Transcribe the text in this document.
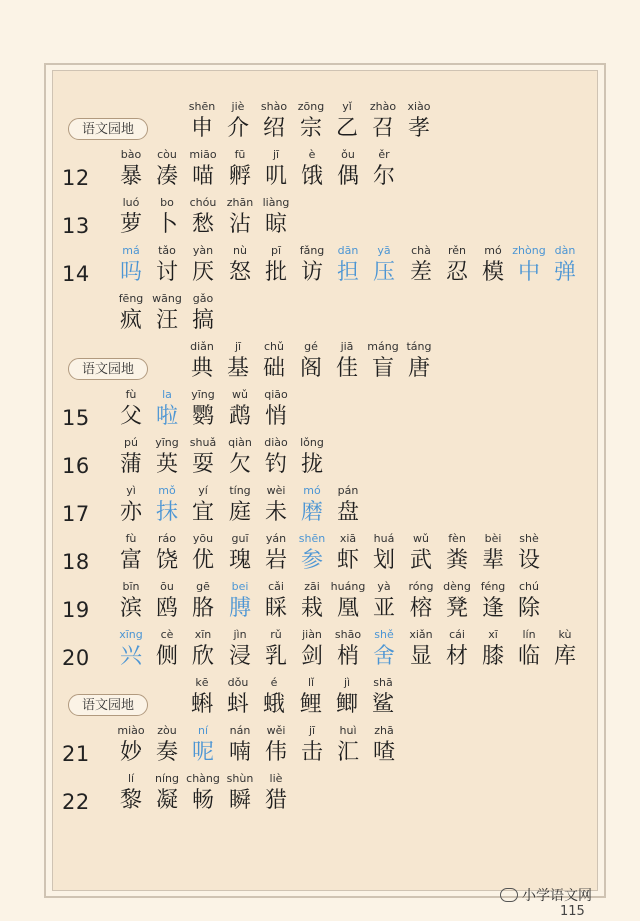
语文园地
shēn
申
jiè
介
shào
绍
zōng
宗
yǐ
乙
zhào
召
xiào
孝
12
bào
暴
còu
凑
miāo
喵
fū
孵
jī
叽
è
饿
ǒu
偶
ěr
尔
13
luó
萝
bo
卜
chóu
愁
zhān
沾
liàng
晾
14
má
吗
tǎo
讨
yàn
厌
nù
怒
pī
批
fǎng
访
dān
担
yā
压
chà
差
rěn
忍
mó
模
zhòng
中
dàn
弹
fēng
疯
wāng
汪
gǎo
搞
语文园地
diǎn
典
jī
基
chǔ
础
gé
阁
jiā
佳
máng
盲
táng
唐
15
fù
父
la
啦
yīng
鹦
wǔ
鹉
qiāo
悄
16
pú
蒲
yīng
英
shuǎ
耍
qiàn
欠
diào
钓
lǒng
拢
17
yì
亦
mǒ
抹
yí
宜
tíng
庭
wèi
未
mó
磨
pán
盘
18
fù
富
ráo
饶
yōu
优
guī
瑰
yán
岩
shēn
参
xiā
虾
huá
划
wǔ
武
fèn
粪
bèi
辈
shè
设
19
bīn
滨
ōu
鸥
gē
胳
bei
膊
cǎi
睬
zāi
栽
huáng
凰
yà
亚
róng
榕
dèng
凳
féng
逢
chú
除
20
xīng
兴
cè
侧
xīn
欣
jìn
浸
rǔ
乳
jiàn
剑
shāo
梢
shě
舍
xiǎn
显
cái
材
xī
膝
lín
临
kù
库
语文园地
kē
蝌
dǒu
蚪
é
蛾
lǐ
鲤
jì
鲫
shā
鲨
21
miào
妙
zòu
奏
ní
呢
nán
喃
wěi
伟
jī
击
huì
汇
zhā
喳
22
lí
黎
níng
凝
chàng
畅
shùn
瞬
liè
猎
小学语文网
115
